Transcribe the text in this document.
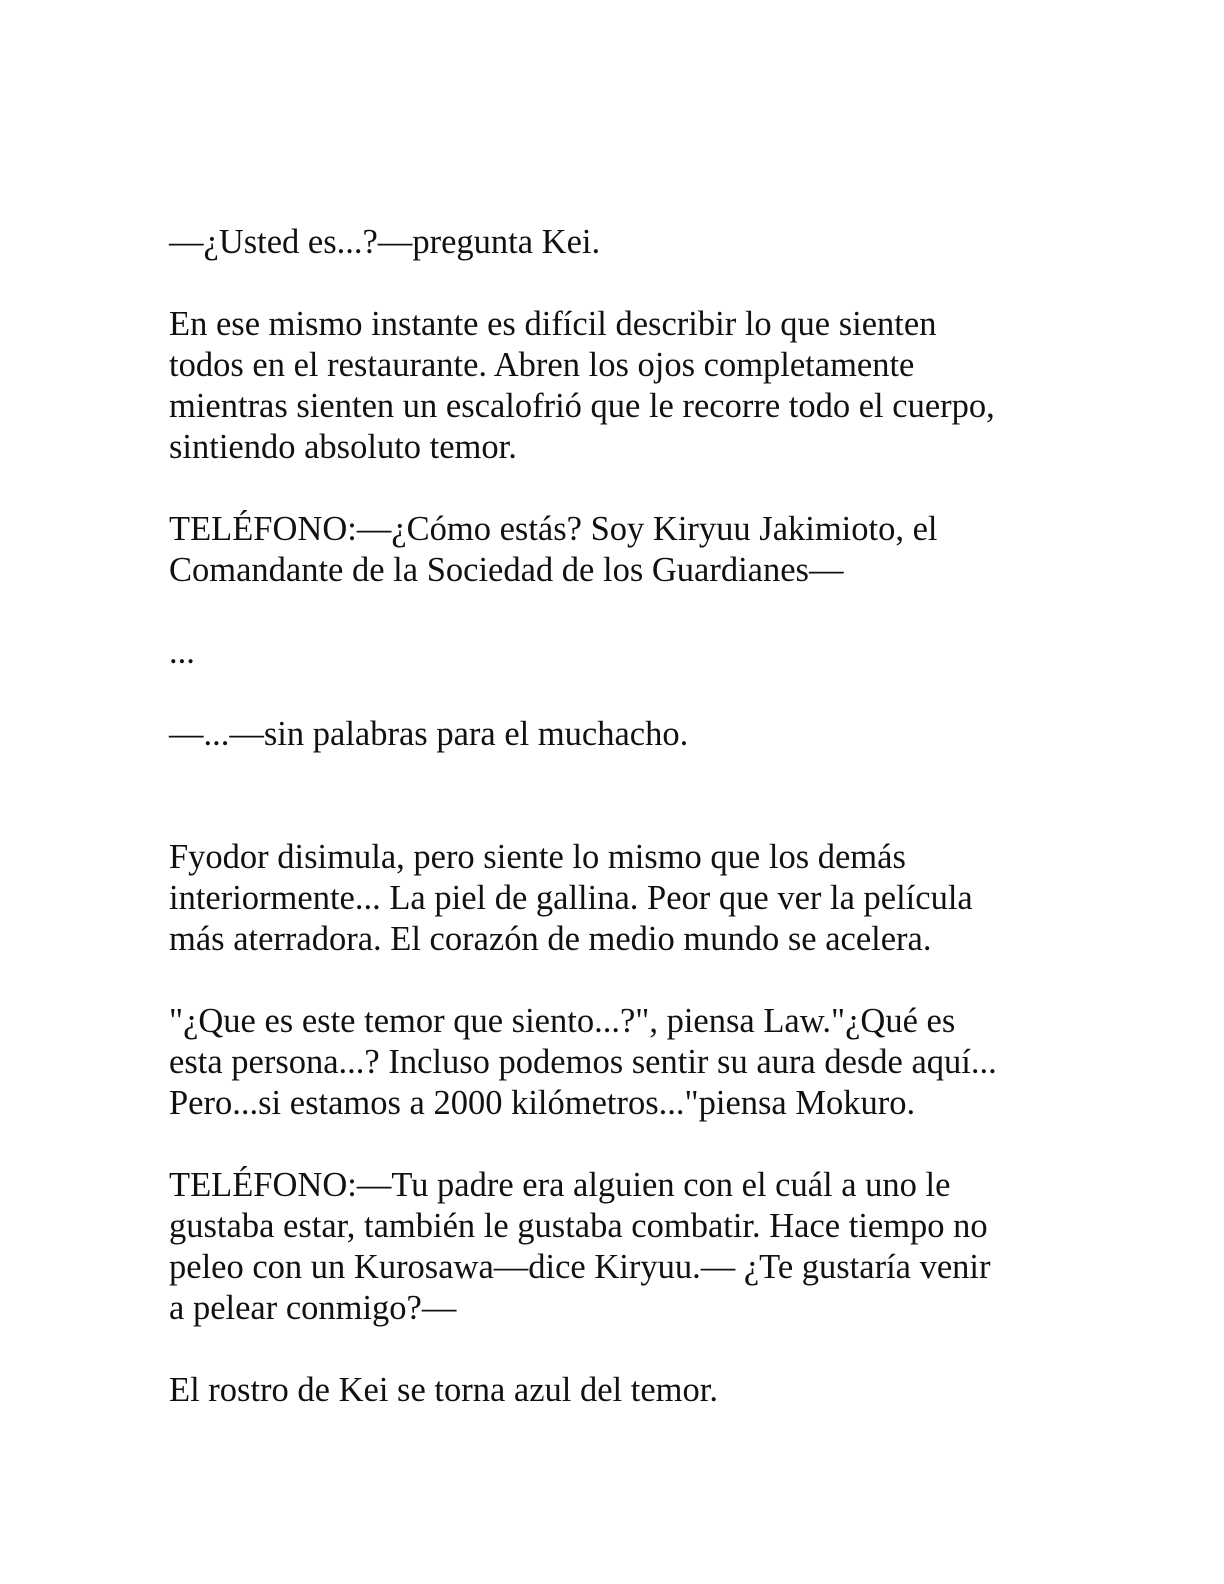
—¿Usted es...?—pregunta Kei.

En ese mismo instante es difícil describir lo que sienten
todos en el restaurante. Abren los ojos completamente
mientras sienten un escalofrió que le recorre todo el cuerpo,
sintiendo absoluto temor.

TELÉFONO:—¿Cómo estás? Soy Kiryuu Jakimioto, el
Comandante de la Sociedad de los Guardianes—

...

—...—sin palabras para el muchacho.

Fyodor disimula, pero siente lo mismo que los demás
interiormente... La piel de gallina. Peor que ver la película
más aterradora. El corazón de medio mundo se acelera.

"¿Que es este temor que siento...?", piensa Law."¿Qué es
esta persona...? Incluso podemos sentir su aura desde aquí...
Pero...si estamos a 2000 kilómetros..."piensa Mokuro.

TELÉFONO:—Tu padre era alguien con el cuál a uno le
gustaba estar, también le gustaba combatir. Hace tiempo no
peleo con un Kurosawa—dice Kiryuu.— ¿Te gustaría venir
a pelear conmigo?—

El rostro de Kei se torna azul del temor.
